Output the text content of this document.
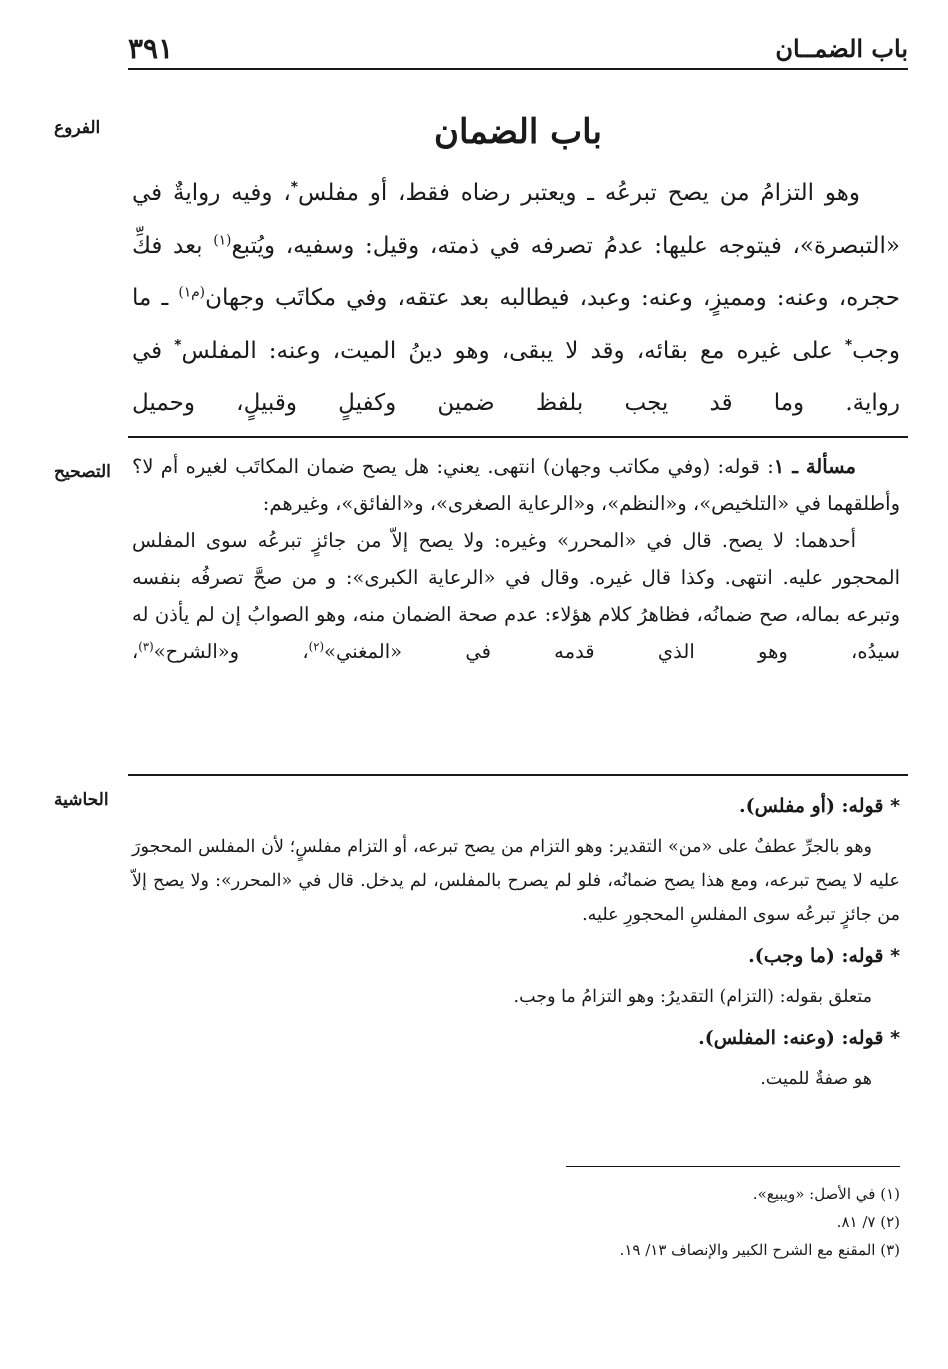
باب الضمــان
٣٩١
الفروع
التصحيح
الحاشية
باب الضمان

وهو التزامُ من يصح تبرعُه ـ ويعتبر رضاه فقط، أو مفلس*، وفيه روايةٌ في «التبصرة»، فيتوجه عليها: عدمُ تصرفه في ذمته، وقيل: وسفيه، ويُتبع$^{(١)}$ بعد فكِّ حجره، وعنه: ومميزٍ، وعنه: وعبد، فيطالبه بعد عتقه، وفي مكاتَب وجهان$^{(م١)}$ ـ ما وجب* على غيره مع بقائه، وقد لا يبقى، وهو دينُ الميت، وعنه: المفلس* في رواية. وما قد يجب بلفظ ضمين وكفيلٍ وقبيلٍ، وحميل

مسألة ـ ١: قوله: (وفي مكاتب وجهان) انتهى. يعني: هل يصح ضمان المكاتَب لغيره أم لا؟ وأطلقهما في «التلخيص»، و«النظم»، و«الرعاية الصغرى»، و«الفائق»، وغيرهم:

أحدهما: لا يصح. قال في «المحرر» وغيره: ولا يصح إلاّ من جائزٍ تبرعُه سوى المفلس المحجور عليه. انتهى. وكذا قال غيره. وقال في «الرعاية الكبرى»: و من صحَّ تصرفُه بنفسه وتبرعه بماله، صح ضمانُه، فظاهرُ كلام هؤلاء: عدم صحة الضمان منه، وهو الصوابُ إن لم يأذن له سيدُه، وهو الذي قدمه في «المغني»$^{(٢)}$، و«الشرح»$^{(٣)}$،

* قوله: (أو مفلس).

وهو بالجرِّ عطفٌ على «من» التقدير: وهو التزام من يصح تبرعه، أو التزام مفلسٍ؛ لأن المفلس المحجورَ عليه لا يصح تبرعه، ومع هذا يصح ضمانُه، فلو لم يصرح بالمفلس، لم يدخل. قال في «المحرر»: ولا يصح إلاّ من جائزٍ تبرعُه سوى المفلسِ المحجورِ عليه.

* قوله: (ما وجب).

متعلق بقوله: (التزام) التقديرُ: وهو التزامُ ما وجب.

* قوله: (وعنه: المفلس).

هو صفةٌ للميت.

(١) في الأصل: «ويبيع».

(٢) ٧/ ٨١.

(٣) المقنع مع الشرح الكبير والإنصاف ١٣/ ١٩.
